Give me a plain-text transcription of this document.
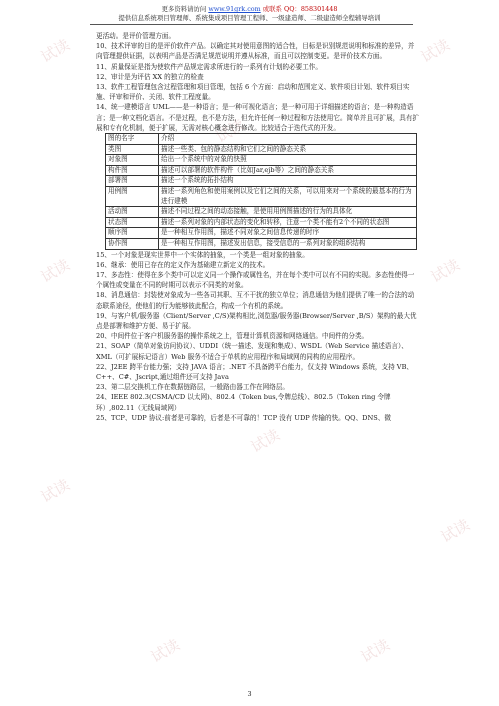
试读
试读
试读
试读	试读
试读
试读
试读
试读	试读
更多资料请访问 www.91grk.com 或联系 QQ：858301448
提供信息系统项目管理师、系统集成项目管理工程师、一级建造师、二级建造师全程辅导培训

更活动。是评价管理方面。

10、技术评审的目的是评价软件产品。以确定其对使用意图的适合性，目标是识别规范说明和标准的差异，并向管理提供证据，以表明产品是否满足规范说明并遵从标准，而且可以控制变更。是评价技术方面。

11、质量保证是指为使软件产品规定需求所进行的一系列有计划的必要工作。

12、审计是为评估 XX 的独立的检查

13、软件工程管理包含过程管理和项目管理，包括 6 个方面：启动和范围定义、软件项目计划、软件项目实施、评审和评价、关闭、软件工程度量。

14、统一建模语言 UML——是一种语言；是一种可视化语言；是一种可用于详细描述的语言；是一种构造语言；是一种文档化语言。不是过程，也不是方法，但允许任何一种过程和方法使用它。简单并且可扩展，具有扩展和专有化机制，便于扩展，无需对核心概念进行修改。比较适合于迭代式的开发。

图的名字	介绍
类图	描述一些类、包的静态结构和它们之间的静态关系
对象图	给出一个系统中的对象的快照
构件图	描述可以部署的软件构件（比如Jar,ejb等）之间的静态关系
部署图	描述一个系统的拓扑结构
用例图	描述一系列角色和使用案例以及它们之间的关系，可以用来对一个系统的最基本的行为进行建模
活动图	描述不同过程之间的动态接触，是使用用例图描述的行为的具体化
状态图	描述一系列对象的内部状态的变化和转移，注意一个类不能有2个不同的状态图
顺序图	是一种相互作用图，描述不同对象之间信息传递的时序
协作图	是一种相互作用图，描述发出信息，接受信息的一系列对象的组织结构

15、一个对象是现实世界中一个实体的抽象，一个类是一组对象的抽象。

16、继承：使用已存在的定义作为基础建立新定义的技术。

17、多态性：使得在多个类中可以定义同一个操作或属性名，并在每个类中可以有不同的实现。多态性使得一个属性或变量在不同的时期可以表示不同类的对象。

18、消息通信：封装使对象成为一些各司其职、互不干扰的独立单位；消息通信为他们提供了唯一的合法的动态联系途径，使他们的行为能够彼此配合，构成一个有机的系统。

19、与客户机/服务器（Client/Server ,C/S)架构相比,浏览器/服务器(Browser/Server ,B/S）架构的最大优点是部署和维护方便、易于扩展。

20、中间件位于客户机服务器的操作系统之上，管理计算机资源和网络通信。中间件的分类。

21、SOAP（简单对象访问协议）、UDDI（统一描述、发现和集成）、WSDL（Web Service 描述语言）、XML（可扩展标记语言）Web 服务不适合于单机的应用程序和局域网的同构的应用程序。

22、J2EE 跨平台能力强；支持 JAVA 语言；.NET 不具备跨平台能力，仅支持 Windows 系统，支持 VB、C++、C#、Jscript,通过组件还可支持 Java

23、第二层交换机工作在数据链路层，一般路由器工作在网络层。

24、IEEE 802.3(CSMA/CD 以太网)、802.4（Token bus,令牌总线）、802.5（Token ring 令牌环）,802.11（无线局域网）

25、TCP、UDP 协议:前者是可靠的，后者是不可靠的！TCP 没有 UDP 传输的快。QQ、DNS、微

3
